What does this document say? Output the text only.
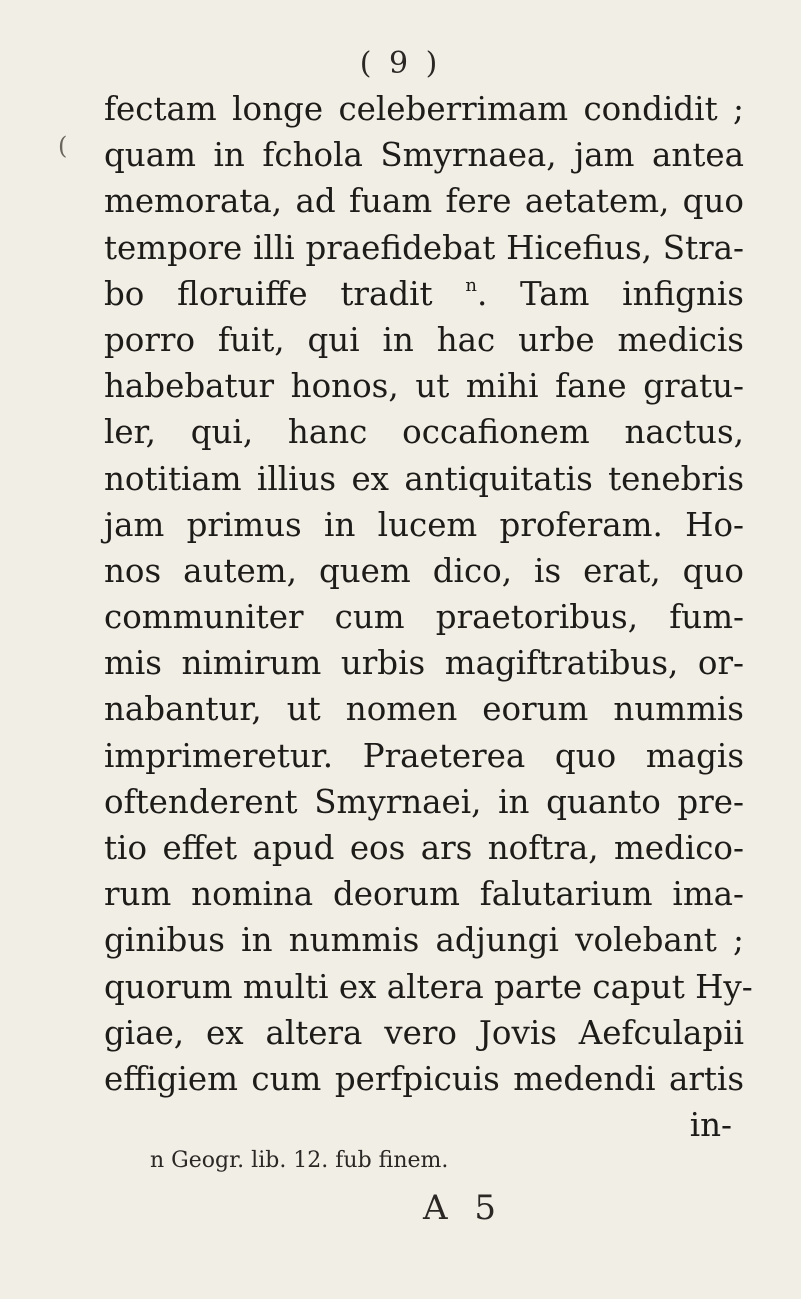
( 9 )
(
fectam longe celeberrimam condidit ;
quam in fchola Smyrnaea, jam antea
memorata, ad fuam fere aetatem, quo
tempore illi praefidebat Hicefius, Stra-
bo floruiffe tradit $^n$. Tam infignis
porro fuit, qui in hac urbe medicis
habebatur honos, ut mihi fane gratu-
ler, qui, hanc occafionem nactus,
notitiam illius ex antiquitatis tenebris
jam primus in lucem proferam. Ho-
nos autem, quem dico, is erat, quo
communiter cum praetoribus, fum-
mis nimirum urbis magiftratibus, or-
nabantur, ut nomen eorum nummis
imprimeretur. Praeterea quo magis
oftenderent Smyrnaei, in quanto pre-
tio effet apud eos ars noftra, medico-
rum nomina deorum falutarium ima-
ginibus in nummis adjungi volebant ;
quorum multi ex altera parte caput Hy-
giae, ex altera vero Jovis Aefculapii
effigiem cum perfpicuis medendi artis
in-
n Geogr. lib. 12. fub finem.
A 5
